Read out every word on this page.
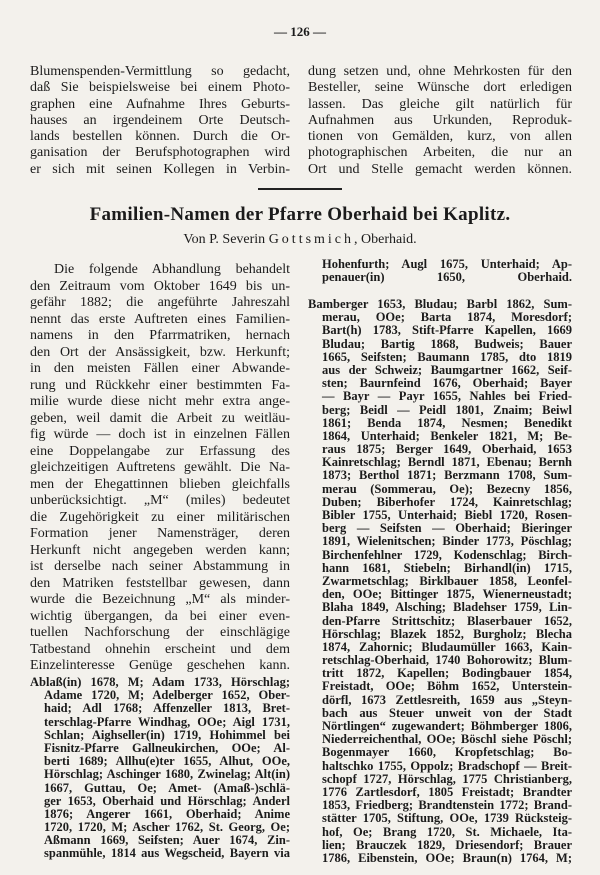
— 126 —
Blumenspenden-Vermittlung so gedacht,
daß Sie beispielsweise bei einem Photo-
graphen eine Aufnahme Ihres Geburts-
hauses an irgendeinem Orte Deutsch-
lands bestellen können. Durch die Or-
ganisation der Berufsphotographen wird
er sich mit seinen Kollegen in Verbin-
dung setzen und, ohne Mehrkosten für den
Besteller, seine Wünsche dort erledigen
lassen. Das gleiche gilt natürlich für
Aufnahmen aus Urkunden, Reproduk-
tionen von Gemälden, kurz, von allen
photographischen Arbeiten, die nur an
Ort und Stelle gemacht werden können.
Familien-Namen der Pfarre Oberhaid bei Kaplitz.
Von P. Severin Gottsmich, Oberhaid.
Die folgende Abhandlung behandelt
den Zeitraum vom Oktober 1649 bis un-
gefähr 1882; die angeführte Jahreszahl
nennt das erste Auftreten eines Familien-
namens in den Pfarrmatriken, hernach
den Ort der Ansässigkeit, bzw. Herkunft;
in den meisten Fällen einer Abwande-
rung und Rückkehr einer bestimmten Fa-
milie wurde diese nicht mehr extra ange-
geben, weil damit die Arbeit zu weitläu-
fig würde — doch ist in einzelnen Fällen
eine Doppelangabe zur Erfassung des
gleichzeitigen Auftretens gewählt. Die Na-
men der Ehegattinnen blieben gleichfalls
unberücksichtigt. „M“ (miles) bedeutet
die Zugehörigkeit zu einer militärischen
Formation jener Namensträger, deren
Herkunft nicht angegeben werden kann;
ist derselbe nach seiner Abstammung in
den Matriken feststellbar gewesen, dann
wurde die Bezeichnung „M“ als minder-
wichtig übergangen, da bei einer even-
tuellen Nachforschung der einschlägige
Tatbestand ohnehin erscheint und dem
Einzelinteresse Genüge geschehen kann.
Ablaß(in) 1678, M; Adam 1733, Hörschlag;
Adame 1720, M; Adelberger 1652, Ober-
haid; Adl 1768; Affenzeller 1813, Bret-
terschlag-Pfarre Windhag, OOe; Aigl 1731,
Schlan; Aighseller(in) 1719, Hohimmel bei
Fisnitz-Pfarre Gallneukirchen, OOe; Al-
berti 1689; Allhu(e)ter 1655, Alhut, OOe,
Hörschlag; Aschinger 1680, Zwinelag; Alt(in)
1667, Guttau, Oe; Amet- (Amaß-)schlä-
ger 1653, Oberhaid und Hörschlag; Anderl
1876; Angerer 1661, Oberhaid; Anime
1720, 1720, M; Ascher 1762, St. Georg, Oe;
Aßmann 1669, Seifsten; Auer 1674, Zin-
spanmühle, 1814 aus Wegscheid, Bayern via
Hohenfurth; Augl 1675, Unterhaid; Ap-
penauer(in) 1650, Oberhaid.
Bamberger 1653, Bludau; Barbl 1862, Sum-
merau, OOe; Barta 1874, Moresdorf;
Bart(h) 1783, Stift-Pfarre Kapellen, 1669
Bludau; Bartig 1868, Budweis; Bauer
1665, Seifsten; Baumann 1785, dto 1819
aus der Schweiz; Baumgartner 1662, Seif-
sten; Baurnfeind 1676, Oberhaid; Bayer
— Bayr — Payr 1655, Nahles bei Fried-
berg; Beidl — Peidl 1801, Znaim; Beiwl
1861; Benda 1874, Nesmen; Benedikt
1864, Unterhaid; Benkeler 1821, M; Be-
raus 1875; Berger 1649, Oberhaid, 1653
Kainretschlag; Berndl 1871, Ebenau; Bernh
1873; Berthol 1871; Berzmann 1708, Sum-
merau (Sommerau, Oe); Bezecny 1856,
Duben; Biberhofer 1724, Kainretschlag;
Bibler 1755, Unterhaid; Biebl 1720, Rosen-
berg — Seifsten — Oberhaid; Bieringer
1891, Wielenitschen; Binder 1773, Pöschlag;
Birchenfehlner 1729, Kodenschlag; Birch-
hann 1681, Stiebeln; Birhandl(in) 1715,
Zwarmetschlag; Birklbauer 1858, Leonfel-
den, OOe; Bittinger 1875, Wienerneustadt;
Blaha 1849, Alsching; Bladehser 1759, Lin-
den-Pfarre Strittschitz; Blaserbauer 1652,
Hörschlag; Blazek 1852, Burgholz; Blecha
1874, Zahornic; Bludaumüller 1663, Kain-
retschlag-Oberhaid, 1740 Bohorowitz; Blum-
tritt 1872, Kapellen; Bodingbauer 1854,
Freistadt, OOe; Böhm 1652, Unterstein-
dörfl, 1673 Zettlesreith, 1659 aus „Steyn-
bach aus Steuer unweit von der Stadt
Nörtlingen“ zugewandert; Böhmberger 1806,
Niederreichenthal, OOe; Böschl siehe Pöschl;
Bogenmayer 1660, Kropfetschlag; Bo-
haltschko 1755, Oppolz; Bradschopf — Breit-
schopf 1727, Hörschlag, 1775 Christianberg,
1776 Zartlesdorf, 1805 Freistadt; Brandter
1853, Friedberg; Brandtenstein 1772; Brand-
stätter 1705, Stiftung, OOe, 1739 Rücksteig-
hof, Oe; Brang 1720, St. Michaele, Ita-
lien; Brauczek 1829, Driesendorf; Brauer
1786, Eibenstein, OOe; Braun(n) 1764, M;
